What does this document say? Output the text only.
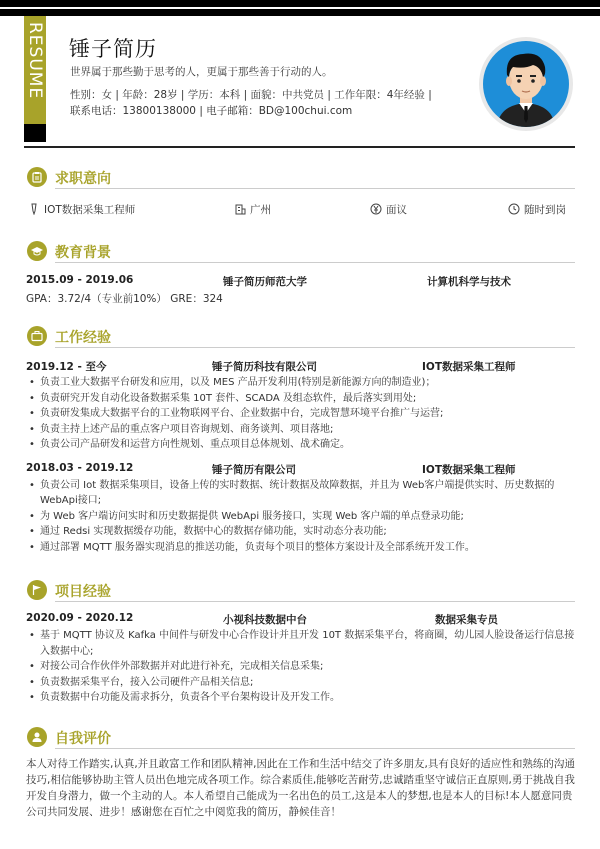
RESUME 锤子简历
世界属于那些勤于思考的人，更属于那些善于行动的人。
性别：女 | 年龄：28岁 | 学历：本科 | 面貌：中共党员 | 工作年限：4年经验 |
联系电话：13800138000 | 电子邮箱：BD@100chui.com
求职意向
IOT数据采集工程师	广州	面议	随时到岗
教育背景
2015.09 - 2019.06	锤子简历师范大学	计算机科学与技术
GPA：3.72/4（专业前10%） GRE：324
工作经验
2019.12 - 至今	锤子简历科技有限公司	IOT数据采集工程师
• 负责工业大数据平台研发和应用，以及 MES 产品开发利用(特别是新能源方向的制造业)；
• 负责研究开发自动化设备数据采集 10T 套件、SCADA 及组态软件，最后落实到用处;
• 负责研发集成大数据平台的工业物联网平台、企业数据中台，完成智慧环境平台推广与运营;
• 负责主持上述产品的重点客户项目咨询规划、商务谈判、项目落地;
• 负责公司产品研发和运营方向性规划、重点项目总体规划、战术确定。
2018.03 - 2019.12	锤子简历有限公司	IOT数据采集工程师
• 负责公司 Iot 数据采集项目，设备上传的实时数据、统计数据及故障数据，并且为 Web客户端提供实时、历史数据的 WebApi接口;
• 为 Web 客户端访问实时和历史数据提供 WebApi 服务接口，实现 Web 客户端的单点登录功能;
• 通过 Redsi 实现数据缓存功能，数据中心的数据存储功能，实时动态分表功能;
• 通过部署 MQTT 服务器实现消息的推送功能，负责每个项目的整体方案设计及全部系统开发工作。
项目经验
2020.09 - 2020.12	小视科技数据中台	数据采集专员
• 基于 MQTT 协议及 Kafka 中间件与研发中心合作设计并且开发 10T 数据采集平台，将商圈，幼儿园人脸设备运行信息接入数据中心;
• 对接公司合作伙伴外部数据并对此进行补充，完成相关信息采集;
• 负责数据采集平台，接入公司硬件产品相关信息;
• 负责数据中台功能及需求拆分，负责各个平台架构设计及开发工作。
自我评价
本人对待工作踏实,认真,并且敢富工作和团队精神,因此在工作和生活中结交了许多朋友,具有良好的适应性和熟练的沟通技巧,相信能够协助主管人员出色地完成各项工作。综合素质佳,能够吃苦耐劳,忠诚踏重坚守诚信正直原则,勇于挑战自我开发自身潜力，做一个主动的人。本人希望自己能成为一名出色的员工,这是本人的梦想,也是本人的目标!本人愿意同贵公司共同发展、进步！感谢您在百忙之中阅览我的简历，静候佳音！
